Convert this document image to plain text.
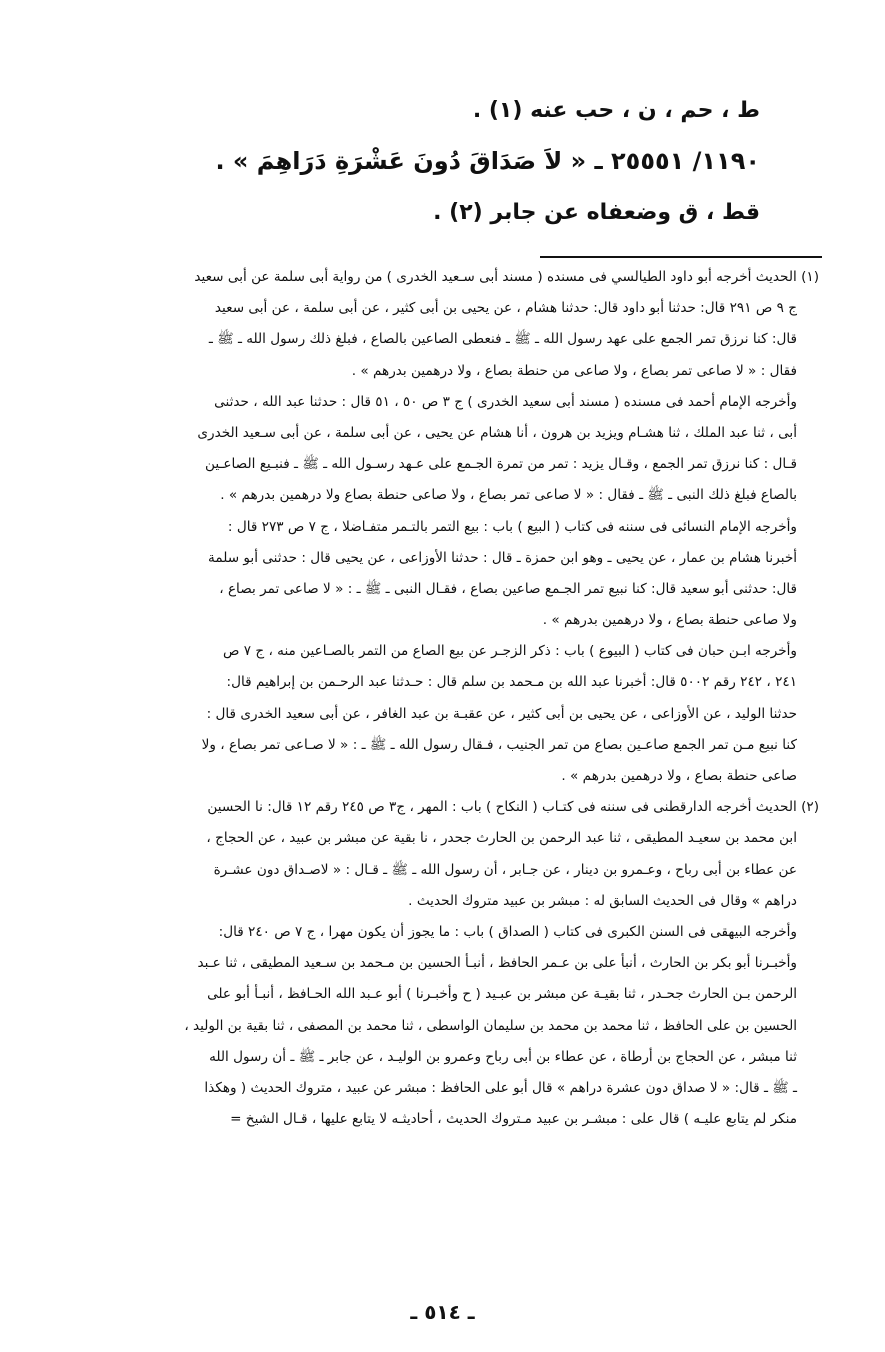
ط ، حم ، ن ، حب عنه (١) .
١١٩٠/ ٢٥٥٥١ ـ « لاَ صَدَاقَ دُونَ عَشْرَةِ دَرَاهِمَ » .
قط ، ق وضعفاه عن جابر (٢) .
(١) الحديث أخرجه أبو داود الطيالسي فى مسنده ( مسند أبى سـعيد الخدرى ) من رواية أبى سلمة عن أبى سعيد
ج ٩ ص ٢٩١ قال: حدثنا أبو داود قال: حدثنا هشام ، عن يحيى بن أبى كثير ، عن أبى سلمة ، عن أبى سعيد
قال: كنا نرزق تمر الجمع على عهد رسول الله ـ ﷺ ـ فنعطى الصاعين بالصاع ، فبلغ ذلك رسول الله ـ ﷺ ـ
فقال : « لا صاعى تمر بصاع ، ولا صاعى من حنطة بصاع ، ولا درهمين بدرهم » .
وأخرجه الإمام أحمد فى مسنده ( مسند أبى سعيد الخدرى ) ج ٣ ص ٥٠ ، ٥١ قال : حدثنا عبد الله ، حدثنى
أبى ، ثنا عبد الملك ، ثنا هشـام ويزيد بن هرون ، أنا هشام عن يحيى ، عن أبى سلمة ، عن أبى سـعيد الخدرى
قـال : كنا نرزق تمر الجمع ، وقـال يزيد : تمر من تمرة الجـمع على عـهد رسـول الله ـ ﷺ ـ فنبـيع الصاعـين
بالصاع فبلغ ذلك النبى ـ ﷺ ـ فقال : « لا صاعى تمر بصاع ، ولا صاعى حنطة بصاع ولا درهمين بدرهم » .
وأخرجه الإمام النسائى فى سننه فى كتاب ( البيع ) باب : بيع التمر بالتـمر متفـاضلا ، ج ٧ ص ٢٧٣ قال :
أخبرنا هشام بن عمار ، عن يحيى ـ وهو ابن حمزة ـ قال : حدثنا الأوزاعى ، عن يحيى قال : حدثنى أبو سلمة
قال: حدثنى أبو سعيد قال: كنا نبيع تمر الجـمع صاعين بصاع ، فقـال النبى ـ ﷺ ـ : « لا صاعى تمر بصاع ،
ولا صاعى حنطة بصاع ، ولا درهمين بدرهم » .
وأخرجه ابـن حبان فى كتاب ( البيوع ) باب : ذكر الزجـر عن بيع الصاع من التمر بالصـاعين منه ، ج ٧ ص
٢٤١ ، ٢٤٢ رقم ٥٠٠٢ قال: أخبرنا عبد الله بن مـحمد بن سلم قال : حـدثنا عبد الرحـمن بن إبراهيم قال:
حدثنا الوليد ، عن الأوزاعى ، عن يحيى بن أبى كثير ، عن عقبـة بن عبد الغافر ، عن أبى سعيد الخدرى قال :
كنا نبيع مـن تمر الجمع صاعـين بصاع من تمر الجنيب ، فـقال رسول الله ـ ﷺ ـ : « لا صـاعى تمر بصاع ، ولا
صاعى حنطة بصاع ، ولا درهمين بدرهم » .
(٢) الحديث أخرجه الدارقطنى فى سننه فى كتـاب ( النكاح ) باب : المهر ، ج٣ ص ٢٤٥ رقم ١٢ قال: نا الحسين
ابن محمد بن سعيـد المطيقى ، ثنا عبد الرحمن بن الحارث جحدر ، نا بقية عن مبشر بن عبيد ، عن الحجاج ،
عن عطاء بن أبى رباح ، وعـمرو بن دينار ، عن جـابر ، أن رسول الله ـ ﷺ ـ قـال : « لاصـداق دون عشـرة
دراهم » وقال فى الحديث السابق له : مبشر بن عبيد متروك الحديث .
وأخرجه البيهقى فى السنن الكبرى فى كتاب ( الصداق ) باب : ما يجوز أن يكون مهرا ، ج ٧ ص ٢٤٠ قال:
وأخبـرنا أبو بكر بن الحارث ، أنبأ على بن عـمر الحافظ ، أنبـأ الحسين بن مـحمد بن سـعيد المطيقى ، ثنا عـبد
الرحمن بـن الحارث جحـدر ، ثنا بقيـة عن مبشر بن عبـيد ( ح وأخبـرنا ) أبو عـبد الله الحـافظ ، أنبـأ أبو على
الحسين بن على الحافظ ، ثنا محمد بن محمد بن سليمان الواسطى ، ثنا محمد بن المصفى ، ثنا بقية بن الوليد ،
ثنا مبشر ، عن الحجاج بن أرطاة ، عن عطاء بن أبى رباح وعمرو بن الوليـد ، عن جابر ـ ﷺ ـ أن رسول الله
ـ ﷺ ـ قال: « لا صداق دون عشرة دراهم » قال أبو على الحافظ : مبشر عن عبيد ، متروك الحديث ( وهكذا
منكر لم يتابع عليـه ) قال على : مبشـر بن عبيد مـتروك الحديث ، أحاديثـه لا يتابع عليها ، قـال الشيخ =
ـ ٥١٤ ـ
